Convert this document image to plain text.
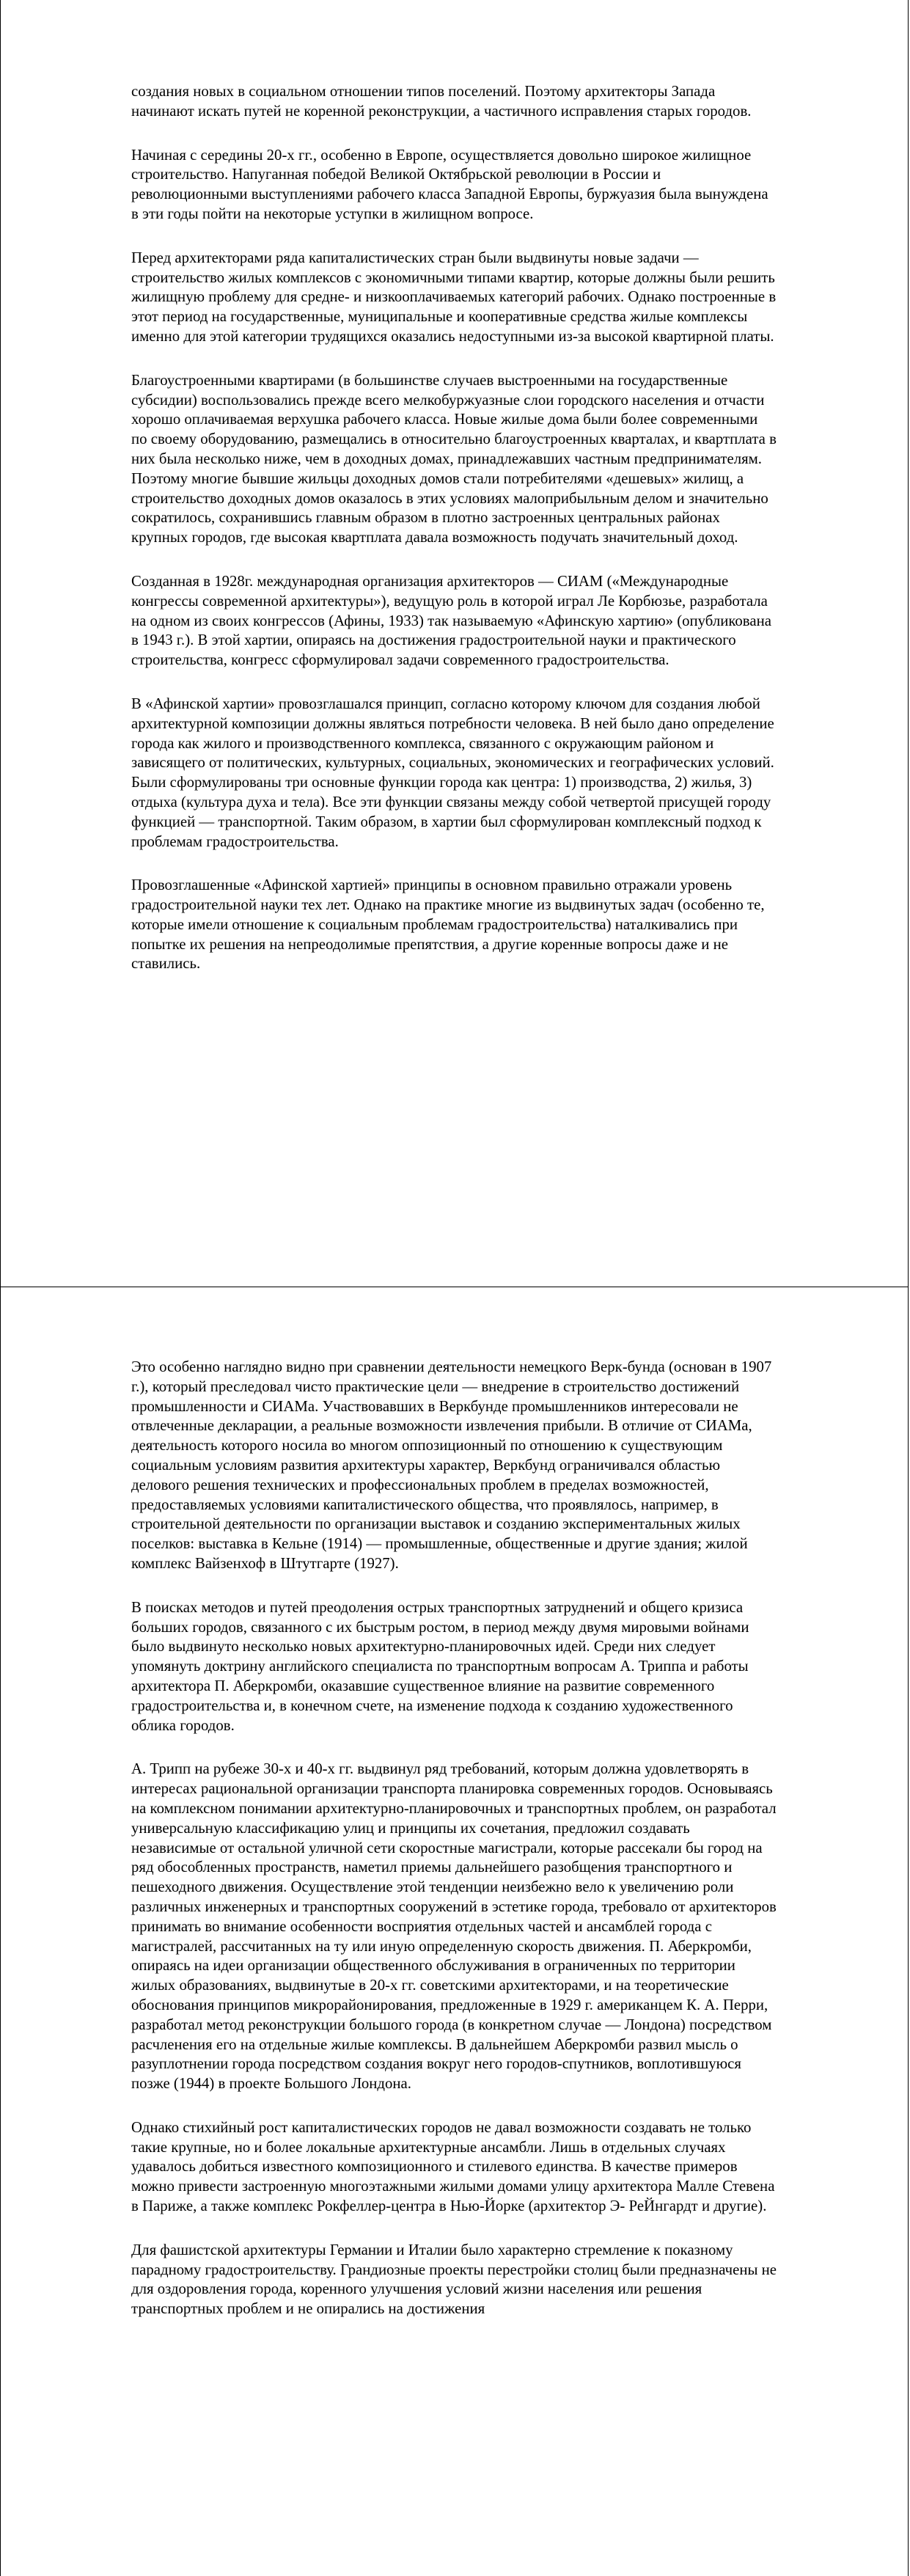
создания новых в социальном отношении типов поселений. Поэтому архитекторы Запада начинают искать путей не коренной реконструкции, а частичного исправления старых городов.

Начиная с середины 20-х гг., особенно в Европе, осуществляется довольно широкое жилищное строительство. Напуганная победой Великой Октябрьской революции в России и революционными выступлениями рабочего класса Западной Европы, буржуазия была вынуждена в эти годы пойти на некоторые уступки в жилищном вопросе.

Перед архитекторами ряда капиталистических стран были выдвинуты новые задачи — строительство жилых комплексов с экономичными типами квартир, которые должны были решить жилищную проблему для средне- и низкооплачиваемых категорий рабочих. Однако построенные в этот период на государственные, муниципальные и кооперативные средства жилые комплексы именно для этой категории трудящихся оказались недоступными из-за высокой квартирной платы.

Благоустроенными квартирами (в большинстве случаев выстроенными на государственные субсидии) воспользовались прежде всего мелкобуржуазные слои городского населения и отчасти хорошо оплачиваемая верхушка рабочего класса. Новые жилые дома были более современными по своему оборудованию, размещались в относительно благоустроенных кварталах, и квартплата в них была несколько ниже, чем в доходных домах, принадлежавших частным предпринимателям. Поэтому многие бывшие жильцы доходных домов стали потребителями «дешевых» жилищ, а строительство доходных домов оказалось в этих условиях малоприбыльным делом и значительно сократилось, сохранившись главным образом в плотно застроенных центральных районах крупных городов, где высокая квартплата давала возможность подучать значительный доход.

Созданная в 1928г. международная организация архитекторов — СИАМ («Международные конгрессы современной архитектуры»), ведущую роль в которой играл Ле Корбюзье, разработала на одном из своих конгрессов (Афины, 1933) так называемую «Афинскую хартию» (опубликована в 1943 г.). В этой хартии, опираясь на достижения градостроительной науки и практического строительства, конгресс сформулировал задачи современного градостроительства.

В «Афинской хартии» провозглашался принцип, согласно которому ключом для создания любой архитектурной композиции должны являться потребности человека. В ней было дано определение города как жилого и производственного комплекса, связанного с окружающим районом и зависящего от политических, культурных, социальных, экономических и географических условий. Были сформулированы три основные функции города как центра: 1) производства, 2) жилья, 3) отдыха (культура духа и тела). Все эти функции связаны между собой четвертой присущей городу функцией — транспортной. Таким образом, в хартии был сформулирован комплексный подход к проблемам градостроительства.

Провозглашенные «Афинской хартией» принципы в основном правильно отражали уровень градостроительной науки тех лет. Однако на практике многие из выдвинутых задач (особенно те, которые имели отношение к социальным проблемам градостроительства) наталкивались при попытке их решения на непреодолимые препятствия, а другие коренные вопросы даже и не ставились.

Это особенно наглядно видно при сравнении деятельности немецкого Верк-бунда (основан в 1907 г.), который преследовал чисто практические цели — внедрение в строительство достижений промышленности и СИАМа. Участвовавших в Веркбунде промышленников интересовали не отвлеченные декларации, а реальные возможности извлечения прибыли. В отличие от СИАМа, деятельность которого носила во многом оппозиционный по отношению к существующим социальным условиям развития архитектуры характер, Веркбунд ограничивался областью делового решения технических и профессиональных проблем в пределах возможностей, предоставляемых условиями капиталистического общества, что проявлялось, например, в строительной деятельности по организации выставок и созданию экспериментальных жилых поселков: выставка в Кельне (1914) — промышленные, общественные и другие здания; жилой комплекс Вайзенхоф в Штутгарте (1927).

В поисках методов и путей преодоления острых транспортных затруднений и общего кризиса больших городов, связанного с их быстрым ростом, в период между двумя мировыми войнами было выдвинуто несколько новых архитектурно-планировочных идей. Среди них следует упомянуть доктрину английского специалиста по транспортным вопросам А. Триппа и работы архитектора П. Аберкромби, оказавшие существенное влияние на развитие современного градостроительства и, в конечном счете, на изменение подхода к созданию художественного облика городов.

А. Трипп на рубеже 30-х и 40-х гг. выдвинул ряд требований, которым должна удовлетворять в интересах рациональной организации транспорта планировка современных городов. Основываясь на комплексном понимании архитектурно-планировочных и транспортных проблем, он разработал универсальную классификацию улиц и принципы их сочетания, предложил создавать независимые от остальной уличной сети скоростные магистрали, которые рассекали бы город на ряд обособленных пространств, наметил приемы дальнейшего разобщения транспортного и пешеходного движения. Осуществление этой тенденции неизбежно вело к увеличению роли различных инженерных и транспортных сооружений в эстетике города, требовало от архитекторов принимать во внимание особенности восприятия отдельных частей и ансамблей города с магистралей, рассчитанных на ту или иную определенную скорость движения. П. Аберкромби, опираясь на идеи организации общественного обслуживания в ограниченных по территории жилых образованиях, выдвинутые в 20-х гг. советскими архитекторами, и на теоретические обоснования принципов микрорайонирования, предложенные в 1929 г. американцем К. А. Перри, разработал метод реконструкции большого города (в конкретном случае — Лондона) посредством расчленения его на отдельные жилые комплексы. В дальнейшем Аберкромби развил мысль о разуплотнении города посредством создания вокруг него городов-спутников, воплотившуюся позже (1944) в проекте Большого Лондона.

Однако стихийный рост капиталистических городов не давал возможности создавать не только такие крупные, но и более локальные архитектурные ансамбли. Лишь в отдельных случаях удавалось добиться известного композиционного и стилевого единства. В качестве примеров можно привести застроенную многоэтажными жилыми домами улицу архитектора Малле Стевена в Париже, а также комплекс Рокфеллер-центра в Нью-Йорке (архитектор Э- РеЙнгардт и другие).

Для фашистской архитектуры Германии и Италии было характерно стремление к показному парадному градостроительству. Грандиозные проекты перестройки столиц были предназначены не для оздоровления города, коренного улучшения условий жизни населения или решения транспортных проблем и не опирались на достижения
